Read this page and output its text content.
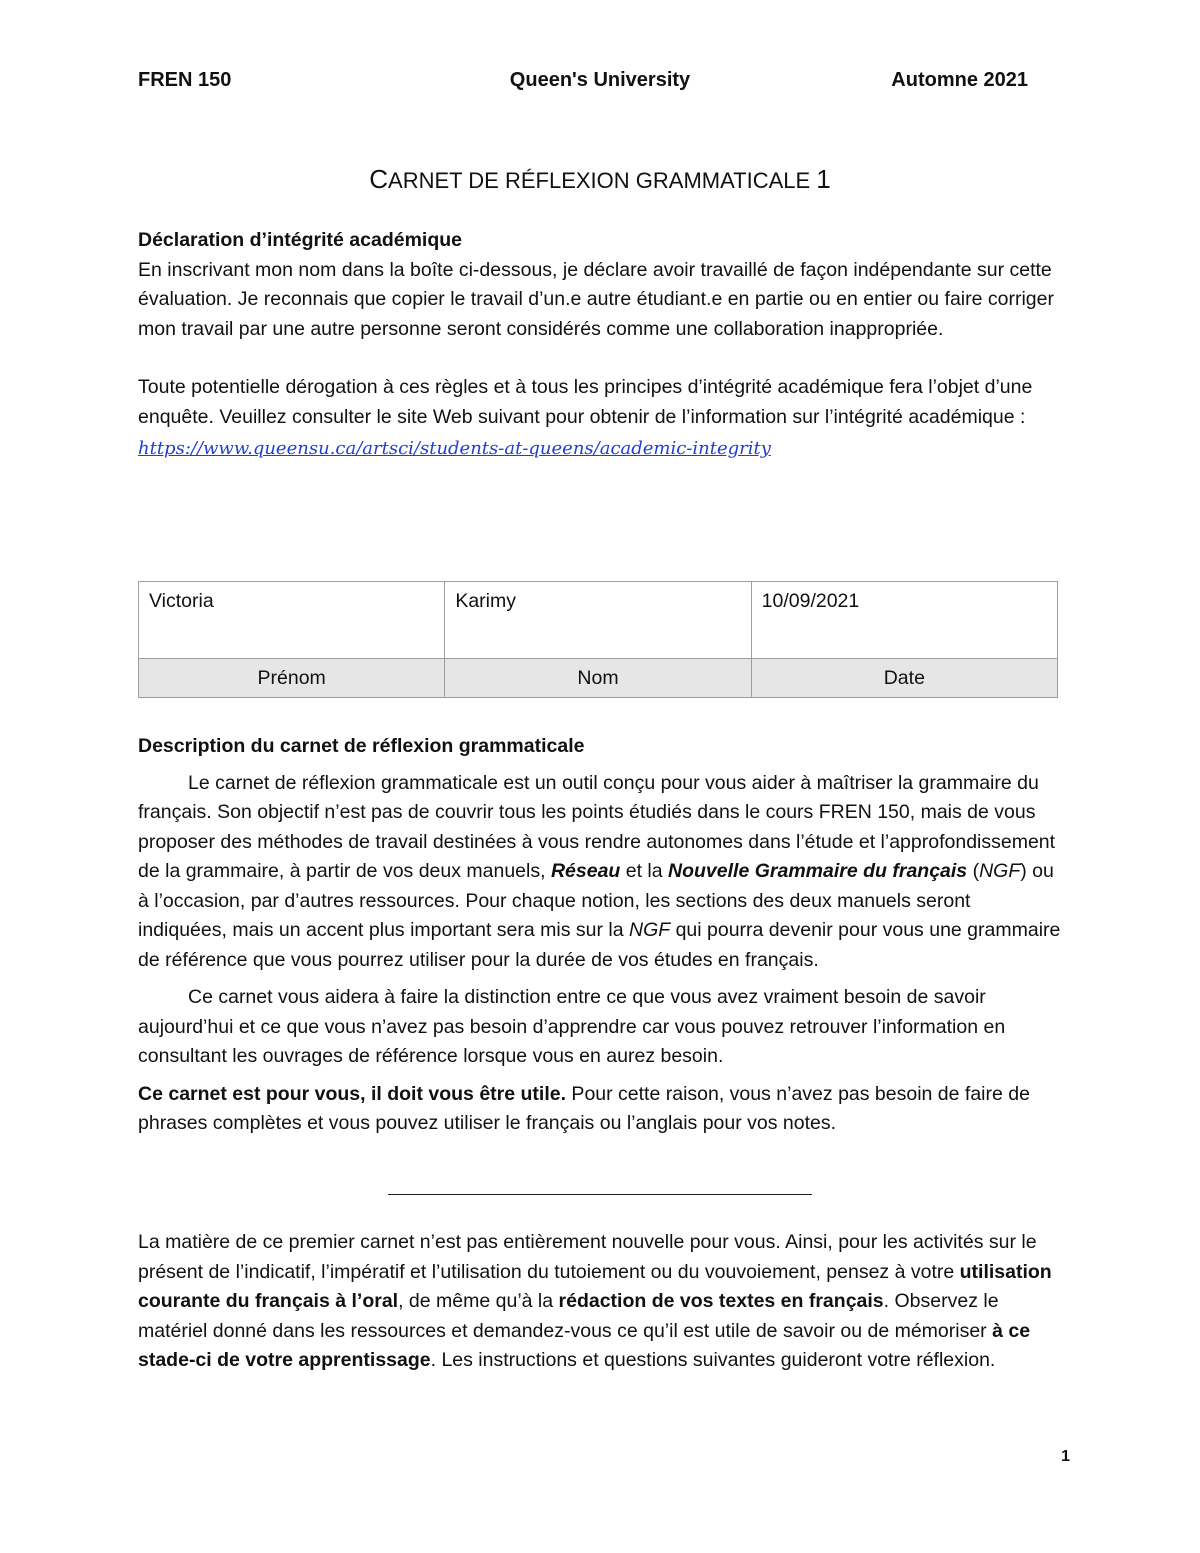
FREN 150	Queen's University	Automne 2021
CARNET DE RÉFLEXION GRAMMATICALE 1

Déclaration d’intégrité académique

En inscrivant mon nom dans la boîte ci-dessous, je déclare avoir travaillé de façon indépendante sur cette évaluation. Je reconnais que copier le travail d’un.e autre étudiant.e en partie ou en entier ou faire corriger mon travail par une autre personne seront considérés comme une collaboration inappropriée.

Toute potentielle dérogation à ces règles et à tous les principes d’intégrité académique fera l’objet d’une enquête. Veuillez consulter le site Web suivant pour obtenir de l’information sur l’intégrité académique :

https://www.queensu.ca/artsci/students-at-queens/academic-integrity

Victoria	Karimy	10/09/2021
Prénom	Nom	Date

Description du carnet de réflexion grammaticale

Le carnet de réflexion grammaticale est un outil conçu pour vous aider à maîtriser la grammaire du français. Son objectif n’est pas de couvrir tous les points étudiés dans le cours FREN 150, mais de vous proposer des méthodes de travail destinées à vous rendre autonomes dans l’étude et l’approfondissement de la grammaire, à partir de vos deux manuels, Réseau et la Nouvelle Grammaire du français (NGF) ou à l’occasion, par d’autres ressources. Pour chaque notion, les sections des deux manuels seront indiquées, mais un accent plus important sera mis sur la NGF qui pourra devenir pour vous une grammaire de référence que vous pourrez utiliser pour la durée de vos études en français.

Ce carnet vous aidera à faire la distinction entre ce que vous avez vraiment besoin de savoir aujourd’hui et ce que vous n’avez pas besoin d’apprendre car vous pouvez retrouver l’information en consultant les ouvrages de référence lorsque vous en aurez besoin.

Ce carnet est pour vous, il doit vous être utile. Pour cette raison, vous n’avez pas besoin de faire de phrases complètes et vous pouvez utiliser le français ou l’anglais pour vos notes.

La matière de ce premier carnet n’est pas entièrement nouvelle pour vous. Ainsi, pour les activités sur le présent de l’indicatif, l’impératif et l’utilisation du tutoiement ou du vouvoiement, pensez à votre utilisation courante du français à l’oral, de même qu’à la rédaction de vos textes en français. Observez le matériel donné dans les ressources et demandez-vous ce qu’il est utile de savoir ou de mémoriser à ce stade-ci de votre apprentissage. Les instructions et questions suivantes guideront votre réflexion.

1
